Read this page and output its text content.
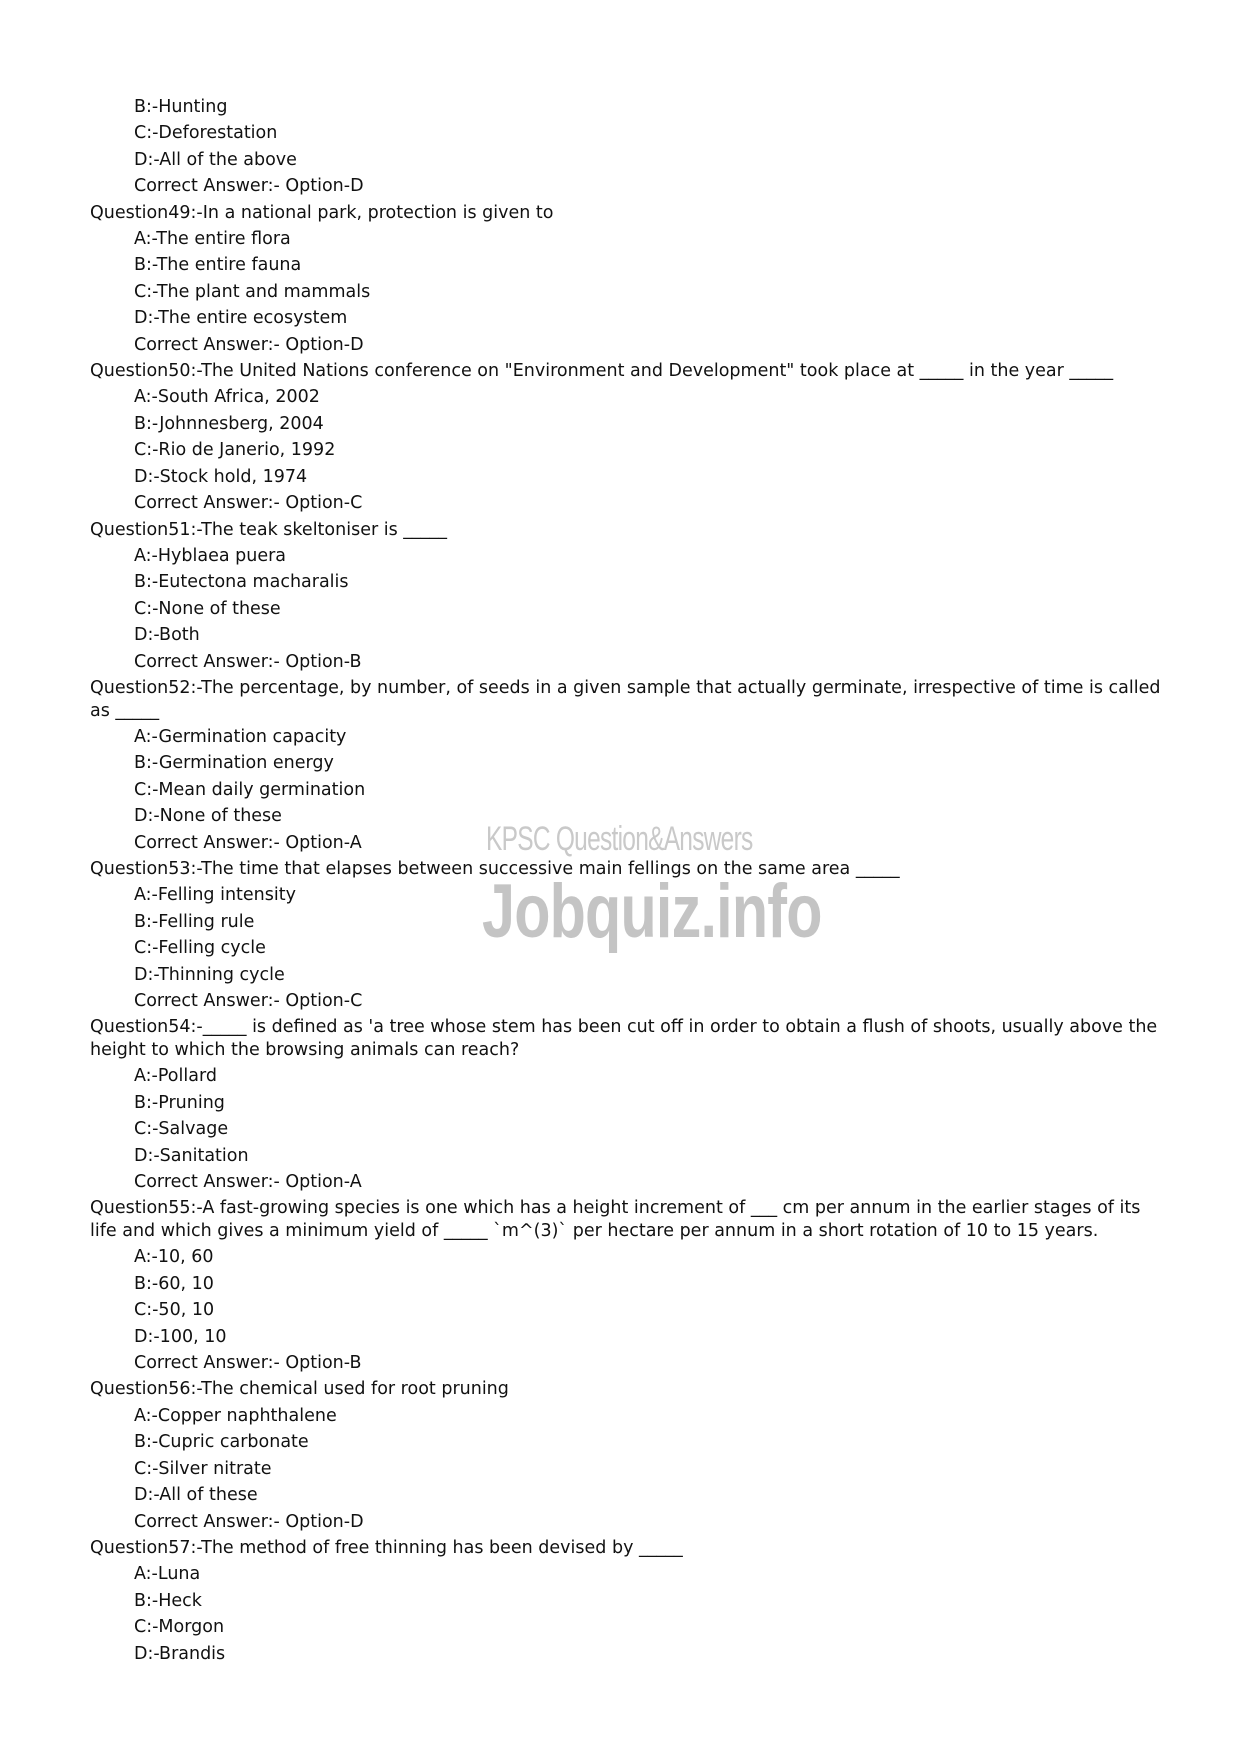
B:-Hunting
C:-Deforestation
D:-All of the above
Correct Answer:- Option-D
Question49:-In a national park, protection is given to
A:-The entire flora
B:-The entire fauna
C:-The plant and mammals
D:-The entire ecosystem
Correct Answer:- Option-D
Question50:-The United Nations conference on "Environment and Development" took place at _____ in the year _____
A:-South Africa, 2002
B:-Johnnesberg, 2004
C:-Rio de Janerio, 1992
D:-Stock hold, 1974
Correct Answer:- Option-C
Question51:-The teak skeltoniser is _____
A:-Hyblaea puera
B:-Eutectona macharalis
C:-None of these
D:-Both
Correct Answer:- Option-B
Question52:-The percentage, by number, of seeds in a given sample that actually germinate, irrespective of time is called as _____
A:-Germination capacity
B:-Germination energy
C:-Mean daily germination
D:-None of these
Correct Answer:- Option-A
Question53:-The time that elapses between successive main fellings on the same area _____
A:-Felling intensity
B:-Felling rule
C:-Felling cycle
D:-Thinning cycle
Correct Answer:- Option-C
Question54:-_____ is defined as 'a tree whose stem has been cut off in order to obtain a flush of shoots, usually above the height to which the browsing animals can reach?
A:-Pollard
B:-Pruning
C:-Salvage
D:-Sanitation
Correct Answer:- Option-A
Question55:-A fast-growing species is one which has a height increment of ___ cm per annum in the earlier stages of its life and which gives a minimum yield of _____ `m^(3)` per hectare per annum in a short rotation of 10 to 15 years.
A:-10, 60
B:-60, 10
C:-50, 10
D:-100, 10
Correct Answer:- Option-B
Question56:-The chemical used for root pruning
A:-Copper naphthalene
B:-Cupric carbonate
C:-Silver nitrate
D:-All of these
Correct Answer:- Option-D
Question57:-The method of free thinning has been devised by _____
A:-Luna
B:-Heck
C:-Morgon
D:-Brandis
KPSC Question&Answers
Jobquiz.info
